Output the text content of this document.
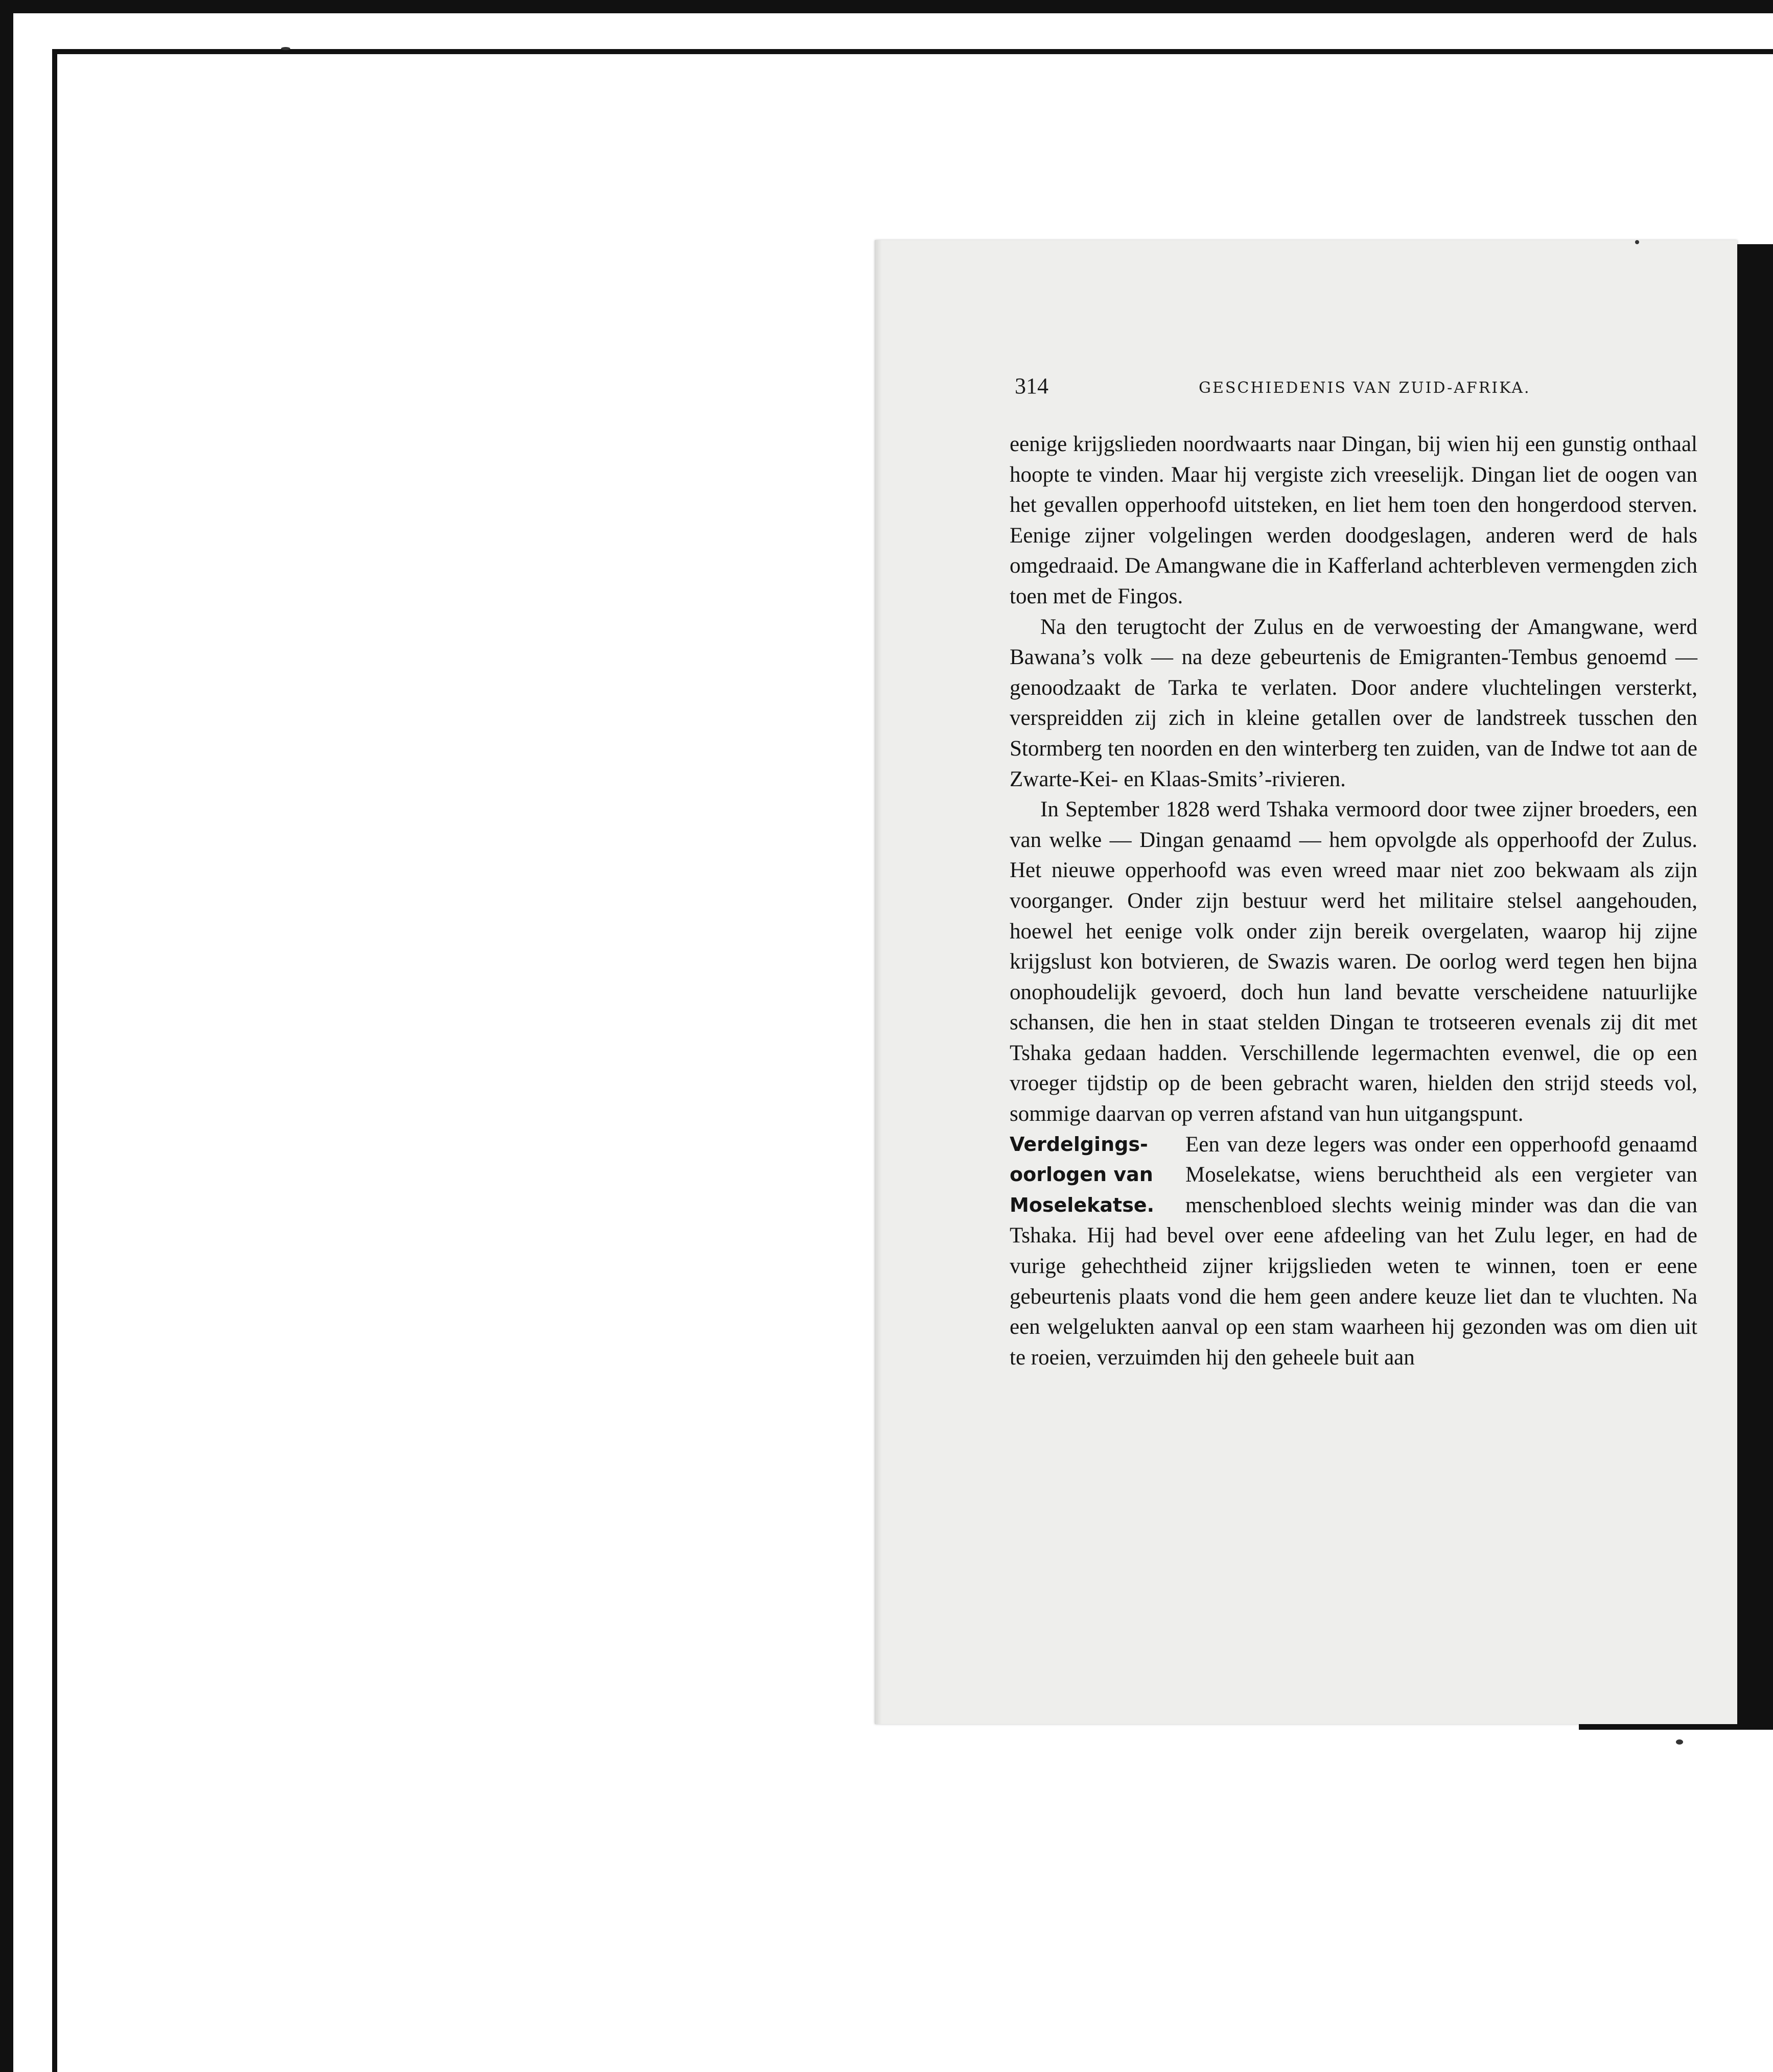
314	GESCHIEDENIS VAN ZUID-AFRIKA.

eenige krijgslieden noordwaarts naar Dingan, bij wien hij een gunstig onthaal hoopte te vinden. Maar hij vergiste zich vreeselijk. Dingan liet de oogen van het gevallen opperhoofd uitsteken, en liet hem toen den hongerdood sterven. Eenige zijner volgelingen werden doodgeslagen, anderen werd de hals omgedraaid. De Amangwane die in Kafferland achterbleven vermengden zich toen met de Fingos.

Na den terugtocht der Zulus en de verwoesting der Amangwane, werd Bawana’s volk — na deze gebeurtenis de Emigranten-Tembus genoemd — genoodzaakt de Tarka te verlaten. Door andere vluchtelingen versterkt, verspreidden zij zich in kleine getallen over de landstreek tusschen den Stormberg ten noorden en den winterberg ten zuiden, van de Indwe tot aan de Zwarte-Kei- en Klaas-Smits’-rivieren.

In September 1828 werd Tshaka vermoord door twee zijner broeders, een van welke — Dingan genaamd — hem opvolgde als opperhoofd der Zulus. Het nieuwe opperhoofd was even wreed maar niet zoo bekwaam als zijn voorganger. Onder zijn bestuur werd het militaire stelsel aangehouden, hoewel het eenige volk onder zijn bereik overgelaten, waarop hij zijne krijgslust kon botvieren, de Swazis waren. De oorlog werd tegen hen bijna onophoudelijk gevoerd, doch hun land bevatte verscheidene natuurlijke schansen, die hen in staat stelden Dingan te trotseeren evenals zij dit met Tshaka gedaan hadden. Verschillende legermachten evenwel, die op een vroeger tijdstip op de been gebracht waren, hielden den strijd steeds vol, sommige daarvan op verren afstand van hun uitgangspunt.

Verdelgings-
oorlogen van
Moselekatse.

Een van deze legers was onder een opperhoofd genaamd Moselekatse, wiens beruchtheid als een vergieter van menschenbloed slechts weinig minder was dan die van Tshaka. Hij had bevel over eene afdeeling van het Zulu leger, en had de vurige gehechtheid zijner krijgslieden weten te winnen, toen er eene gebeurtenis plaats vond die hem geen andere keuze liet dan te vluchten. Na een welgelukten aanval op een stam waarheen hij gezonden was om dien uit te roeien, verzuimden hij den geheele buit aan
